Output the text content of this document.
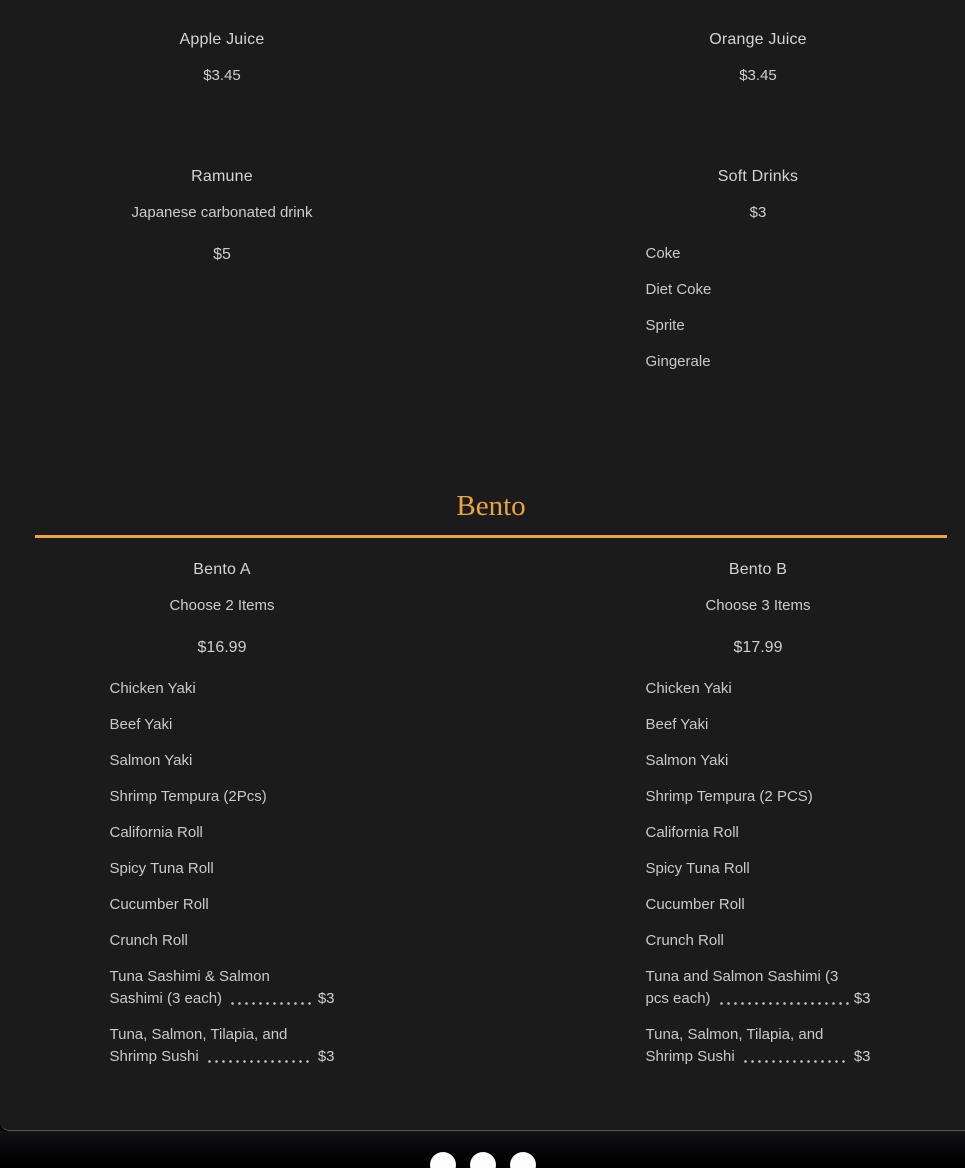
Apple Juice
$3.45
Ramune
Japanese carbonated drink
$5
Orange Juice
$3.45
Soft Drinks
$3
Coke
Diet Coke
Sprite
Gingerale
Bento
Bento A
Choose 2 Items
$16.99
Chicken Yaki
Beef Yaki
Salmon Yaki
Shrimp Tempura (2Pcs)
California Roll
Spicy Tuna Roll
Cucumber Roll
Crunch Roll
Tuna Sashimi & Salmon
Sashimi (3 each)	$3
Tuna, Salmon, Tilapia, and
Shrimp Sushi	$3
Bento B
Choose 3 Items
$17.99
Chicken Yaki
Beef Yaki
Salmon Yaki
Shrimp Tempura (2 PCS)
California Roll
Spicy Tuna Roll
Cucumber Roll
Crunch Roll
Tuna and Salmon Sashimi (3
pcs each)	$3
Tuna, Salmon, Tilapia, and
Shrimp Sushi	$3
